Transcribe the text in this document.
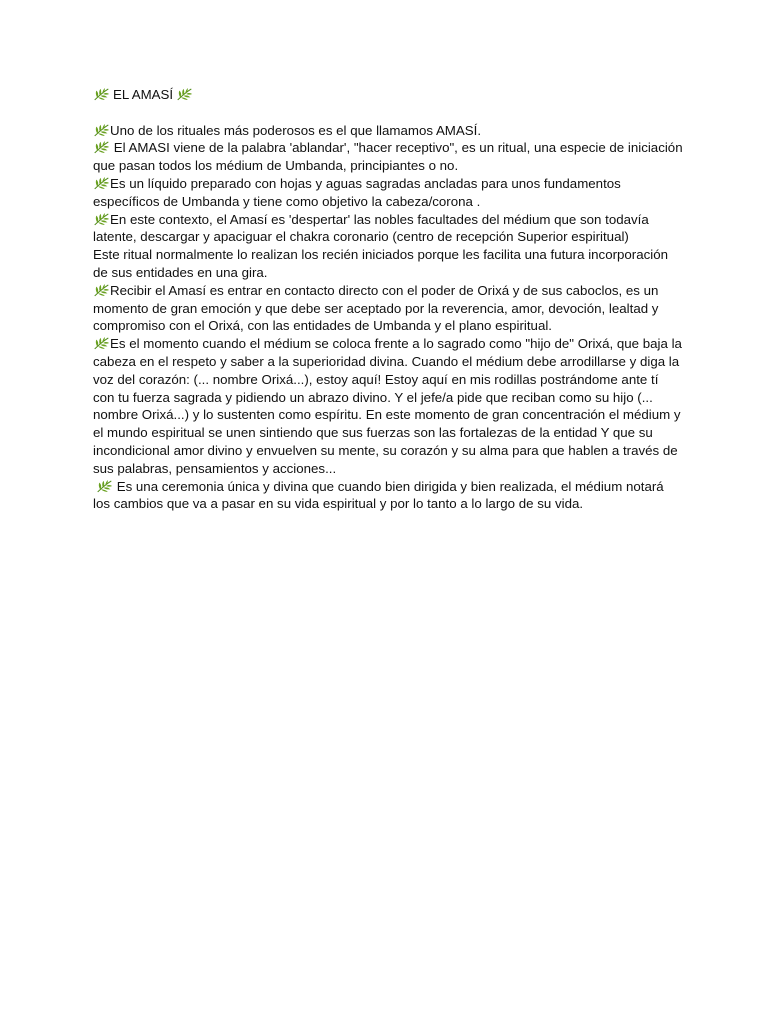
EL AMASÍ
Uno de los rituales más poderosos es el que llamamos AMASÍ.
El AMASI viene de la palabra 'ablandar', "hacer receptivo", es un ritual, una especie de iniciación que pasan todos los médium de Umbanda, principiantes o no.
Es un líquido preparado con hojas y aguas sagradas ancladas para unos fundamentos específicos de Umbanda y tiene como objetivo la cabeza/corona .
En este contexto, el Amasí es 'despertar' las nobles facultades del médium que son todavía latente, descargar y apaciguar el chakra coronario (centro de recepción Superior espiritual)
Este ritual normalmente lo realizan los recién iniciados porque les facilita una futura incorporación de sus entidades en una gira.
Recibir el Amasí es entrar en contacto directo con el poder de Orixá y de sus caboclos, es un momento de gran emoción y que debe ser aceptado por la reverencia, amor, devoción, lealtad y compromiso con el Orixá, con las entidades de Umbanda y el plano espiritual.
Es el momento cuando el médium se coloca frente a lo sagrado como "hijo de" Orixá, que baja la cabeza en el respeto y saber a la superioridad divina. Cuando el médium debe arrodillarse y diga la voz del corazón: (... nombre Orixá...), estoy aquí! Estoy aquí en mis rodillas postrándome ante tí con tu fuerza sagrada y pidiendo un abrazo divino. Y el jefe/a pide que reciban como su hijo (... nombre Orixá...) y lo sustenten como espíritu. En este momento de gran concentración el médium y el mundo espiritual se unen sintiendo que sus fuerzas son las fortalezas de la entidad Y que su incondicional amor divino y envuelven su mente, su corazón y su alma para que hablen a través de sus palabras, pensamientos y acciones...
Es una ceremonia única y divina que cuando bien dirigida y bien realizada, el médium notará los cambios que va a pasar en su vida espiritual y por lo tanto a lo largo de su vida.
